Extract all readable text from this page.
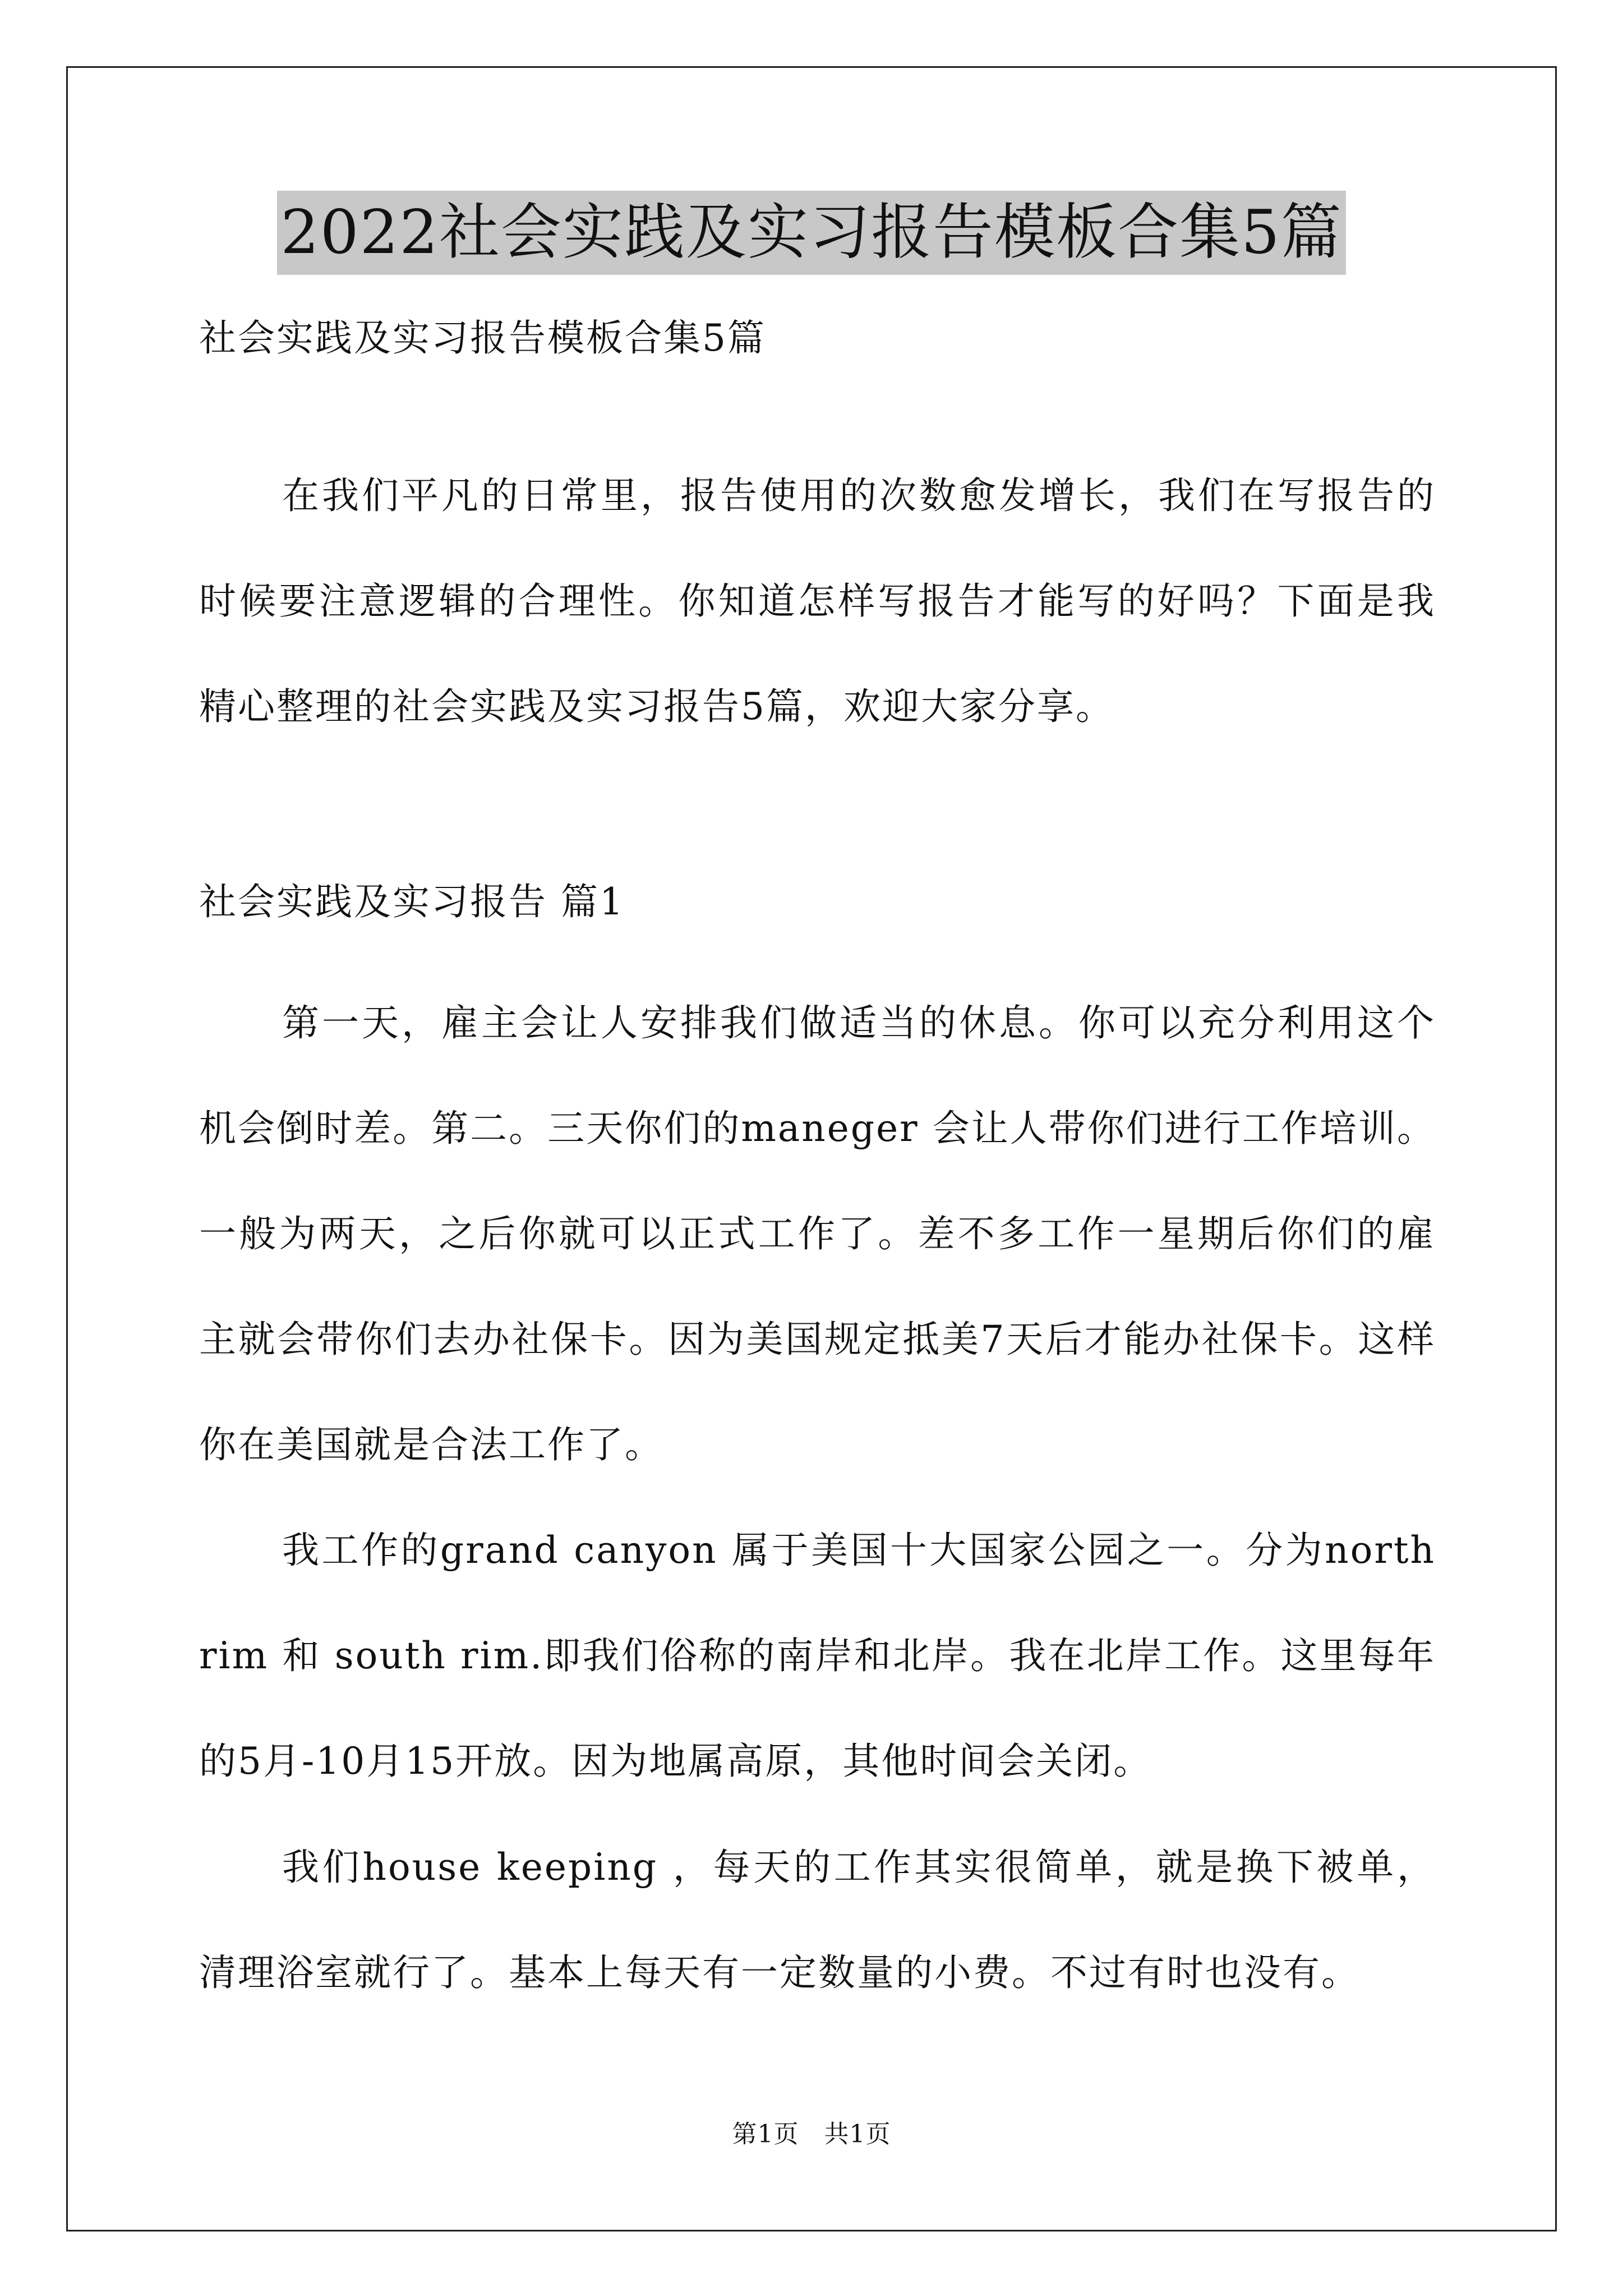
2022社会实践及实习报告模板合集5篇
社会实践及实习报告模板合集5篇
在我们平凡的日常里，报告使用的次数愈发增长，我们在写报告的时候要注意逻辑的合理性。你知道怎样写报告才能写的好吗？下面是我精心整理的社会实践及实习报告5篇，欢迎大家分享。
社会实践及实习报告 篇1
第一天，雇主会让人安排我们做适当的休息。你可以充分利用这个机会倒时差。第二。三天你们的maneger 会让人带你们进行工作培训。一般为两天，之后你就可以正式工作了。差不多工作一星期后你们的雇主就会带你们去办社保卡。因为美国规定抵美7天后才能办社保卡。这样你在美国就是合法工作了。
我工作的grand canyon 属于美国十大国家公园之一。分为north rim 和 south rim.即我们俗称的南岸和北岸。我在北岸工作。这里每年的5月-10月15开放。因为地属高原，其他时间会关闭。
我们house keeping ，每天的工作其实很简单，就是换下被单，清理浴室就行了。基本上每天有一定数量的小费。不过有时也没有。
第1页　共1页
